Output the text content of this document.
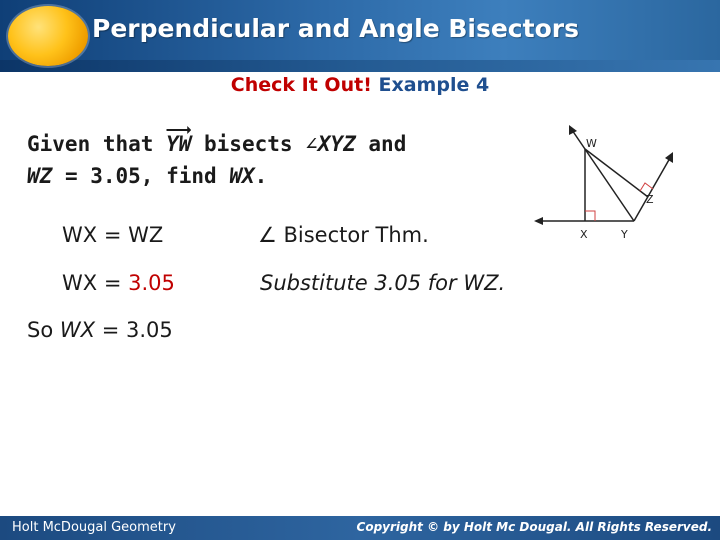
Perpendicular and Angle Bisectors
Check It Out! Example 4
Given that
YW bisects ∠XYZ and
WZ = 3.05, find WX.
W
Z
X	Y
WX = WZ	∠ Bisector Thm.
WX = 3.05	Substitute 3.05 for WZ.
So WX = 3.05
Holt McDougal Geometry	Copyright © by Holt Mc Dougal. All Rights Reserved.
